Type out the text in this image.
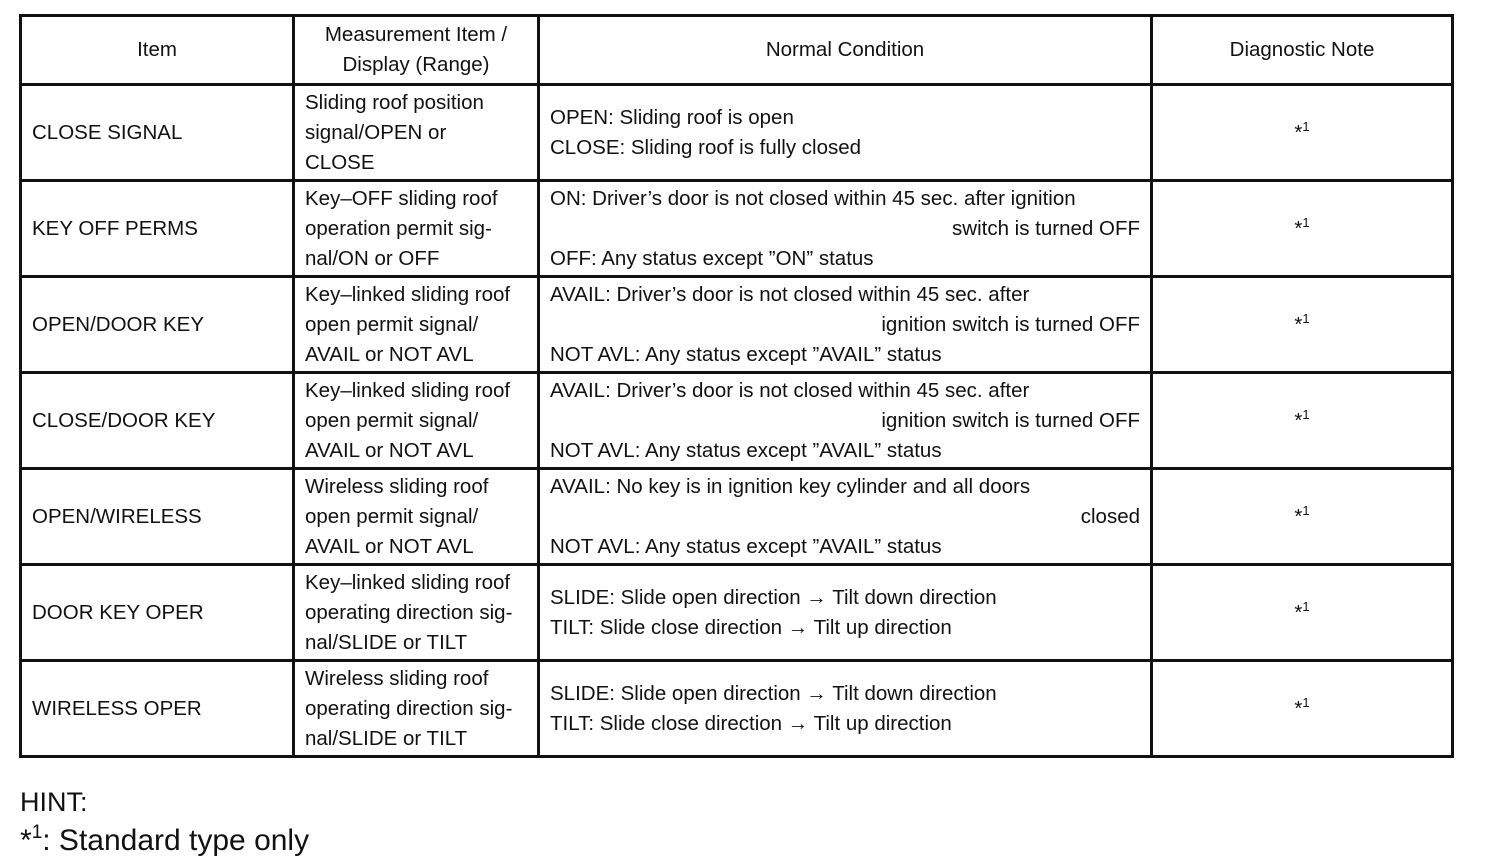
Item	Measurement Item /
Display (Range)	Normal Condition	Diagnostic Note
CLOSE SIGNAL	Sliding roof position
signal/OPEN or
CLOSE	OPEN: Sliding roof is open
CLOSE: Sliding roof is fully closed	*$^1$
KEY OFF PERMS	Key–OFF sliding roof
operation permit sig-
nal/ON or OFF	ON: Driver’s door is not closed within 45 sec. after ignition
switch is turned OFF
OFF: Any status except ”ON” status	*$^1$
OPEN/DOOR KEY	Key–linked sliding roof
open permit signal/
AVAIL or NOT AVL	AVAIL: Driver’s door is not closed within 45 sec. after
ignition switch is turned OFF
NOT AVL: Any status except ”AVAIL” status	*$^1$
CLOSE/DOOR KEY	Key–linked sliding roof
open permit signal/
AVAIL or NOT AVL	AVAIL: Driver’s door is not closed within 45 sec. after
ignition switch is turned OFF
NOT AVL: Any status except ”AVAIL” status	*$^1$
OPEN/WIRELESS	Wireless sliding roof
open permit signal/
AVAIL or NOT AVL	AVAIL: No key is in ignition key cylinder and all doors
closed
NOT AVL: Any status except ”AVAIL” status	*$^1$
DOOR KEY OPER	Key–linked sliding roof
operating direction sig-
nal/SLIDE or TILT	SLIDE: Slide open direction → Tilt down direction
TILT: Slide close direction → Tilt up direction	*$^1$
WIRELESS OPER	Wireless sliding roof
operating direction sig-
nal/SLIDE or TILT	SLIDE: Slide open direction → Tilt down direction
TILT: Slide close direction → Tilt up direction	*$^1$
HINT:
*$^1$: Standard type only
